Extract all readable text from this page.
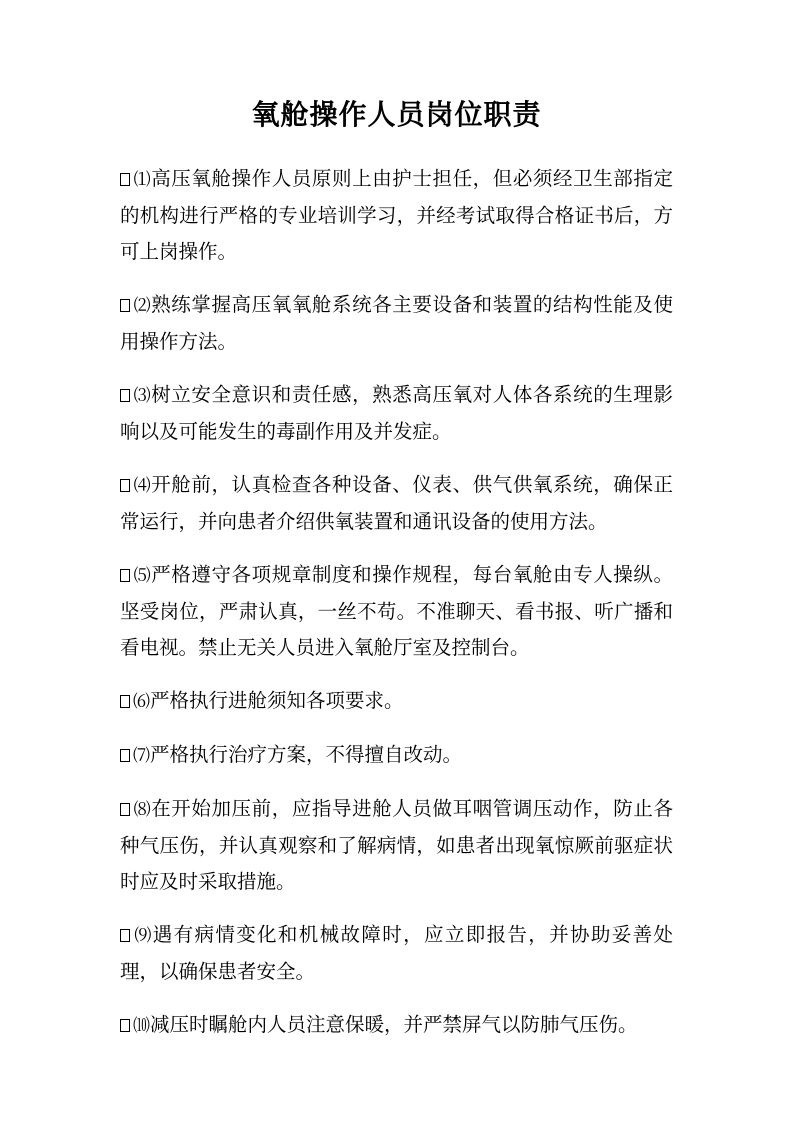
氧舱操作人员岗位职责

⑴高压氧舱操作人员原则上由护士担任，但必须经卫生部指定的机构进行严格的专业培训学习，并经考试取得合格证书后，方可上岗操作。

⑵熟练掌握高压氧氧舱系统各主要设备和装置的结构性能及使用操作方法。

⑶树立安全意识和责任感，熟悉高压氧对人体各系统的生理影响以及可能发生的毒副作用及并发症。

⑷开舱前，认真检查各种设备、仪表、供气供氧系统，确保正常运行，并向患者介绍供氧装置和通讯设备的使用方法。

⑸严格遵守各项规章制度和操作规程，每台氧舱由专人操纵。坚受岗位，严肃认真，一丝不苟。不准聊天、看书报、听广播和看电视。禁止无关人员进入氧舱厅室及控制台。

⑹严格执行进舱须知各项要求。

⑺严格执行治疗方案，不得擅自改动。

⑻在开始加压前，应指导进舱人员做耳咽管调压动作，防止各种气压伤，并认真观察和了解病情，如患者出现氧惊厥前驱症状时应及时采取措施。

⑼遇有病情变化和机械故障时，应立即报告，并协助妥善处理，以确保患者安全。

⑽减压时瞩舱内人员注意保暖，并严禁屏气以防肺气压伤。
